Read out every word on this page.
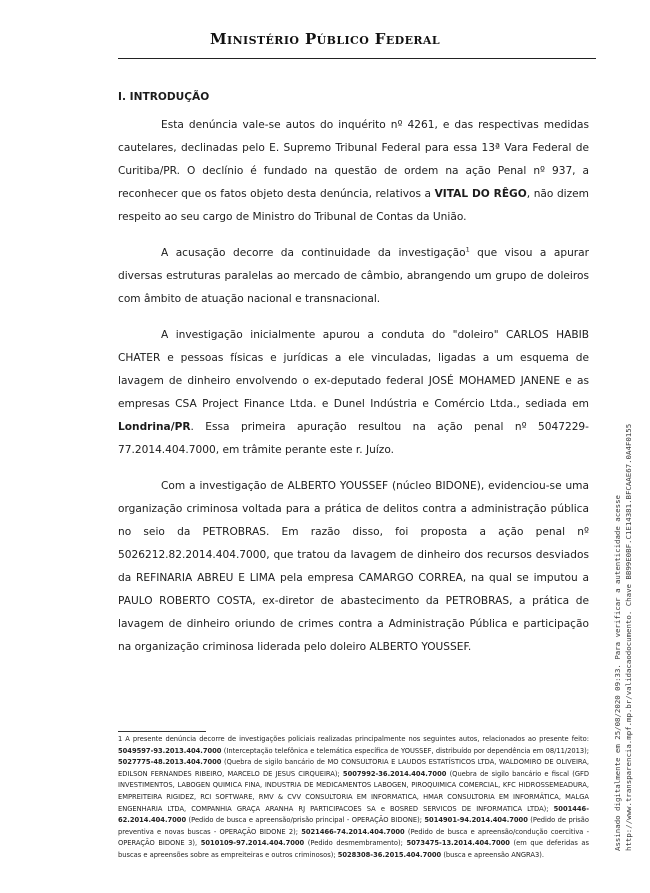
Ministério Público Federal

I. INTRODUÇÃO

Esta denúncia vale-se autos do inquérito nº 4261, e das respectivas medidas cautelares, declinadas pelo E. Supremo Tribunal Federal para essa 13ª Vara Federal de Curitiba/PR. O declínio é fundado na questão de ordem na ação Penal nº 937, a reconhecer que os fatos objeto desta denúncia, relativos a VITAL DO RÊGO, não dizem respeito ao seu cargo de Ministro do Tribunal de Contas da União.

A acusação decorre da continuidade da investigação$^1$ que visou a apurar diversas estruturas paralelas ao mercado de câmbio, abrangendo um grupo de doleiros com âmbito de atuação nacional e transnacional.

A investigação inicialmente apurou a conduta do "doleiro" CARLOS HABIB CHATER e pessoas físicas e jurídicas a ele vinculadas, ligadas a um esquema de lavagem de dinheiro envolvendo o ex-deputado federal JOSÉ MOHAMED JANENE e as empresas CSA Project Finance Ltda. e Dunel Indústria e Comércio Ltda., sediada em Londrina/PR. Essa primeira apuração resultou na ação penal nº 5047229-77.2014.404.7000, em trâmite perante este r. Juízo.

Com a investigação de ALBERTO YOUSSEF (núcleo BIDONE), evidenciou-se uma organização criminosa voltada para a prática de delitos contra a administração pública no seio da PETROBRAS. Em razão disso, foi proposta a ação penal nº 5026212.82.2014.404.7000, que tratou da lavagem de dinheiro dos recursos desviados da REFINARIA ABREU E LIMA pela empresa CAMARGO CORREA, na qual se imputou a PAULO ROBERTO COSTA, ex-diretor de abastecimento da PETROBRAS, a prática de lavagem de dinheiro oriundo de crimes contra a Administração Pública e participação na organização criminosa liderada pelo doleiro ALBERTO YOUSSEF.

1 A presente denúncia decorre de investigações policiais realizadas principalmente nos seguintes autos, relacionados ao presente feito: 5049597-93.2013.404.7000 (Interceptação telefônica e telemática específica de YOUSSEF, distribuído por dependência em 08/11/2013); 5027775-48.2013.404.7000 (Quebra de sigilo bancário de MO CONSULTORIA E LAUDOS ESTATÍSTICOS LTDA, WALDOMIRO DE OLIVEIRA, EDILSON FERNANDES RIBEIRO, MARCELO DE JESUS CIRQUEIRA); 5007992-36.2014.404.7000 (Quebra de sigilo bancário e fiscal (GFD INVESTIMENTOS, LABOGEN QUIMICA FINA, INDUSTRIA DE MEDICAMENTOS LABOGEN, PIROQUIMICA COMERCIAL, KFC HIDROSSEMEADURA, EMPREITEIRA RIGIDEZ, RCI SOFTWARE, RMV & CVV CONSULTORIA EM INFORMATICA, HMAR CONSULTORIA EM INFORMÁTICA, MALGA ENGENHARIA LTDA, COMPANHIA GRAÇA ARANHA RJ PARTICIPACOES SA e BOSRED SERVICOS DE INFORMATICA LTDA); 5001446-62.2014.404.7000 (Pedido de busca e apreensão/prisão principal - OPERAÇÃO BIDONE); 5014901-94.2014.404.7000 (Pedido de prisão preventiva e novas buscas - OPERAÇÃO BIDONE 2); 5021466-74.2014.404.7000 (Pedido de busca e apreensão/condução coercitiva - OPERAÇÃO BIDONE 3), 5010109-97.2014.404.7000 (Pedido desmembramento); 5073475-13.2014.404.7000 (em que deferidas as buscas e apreensões sobre as empreiteiras e outros criminosos); 5028308-36.2015.404.7000 (busca e apreensão ANGRA3).
Assinado digitalmente em 25/08/2020 09:33. Para verificar a autenticidade acesse http://www.transparencia.mpf.mp.br/validacaodocumento. Chave BB99E0BF.C1E14381.BFCAAE67.0A4F0155
